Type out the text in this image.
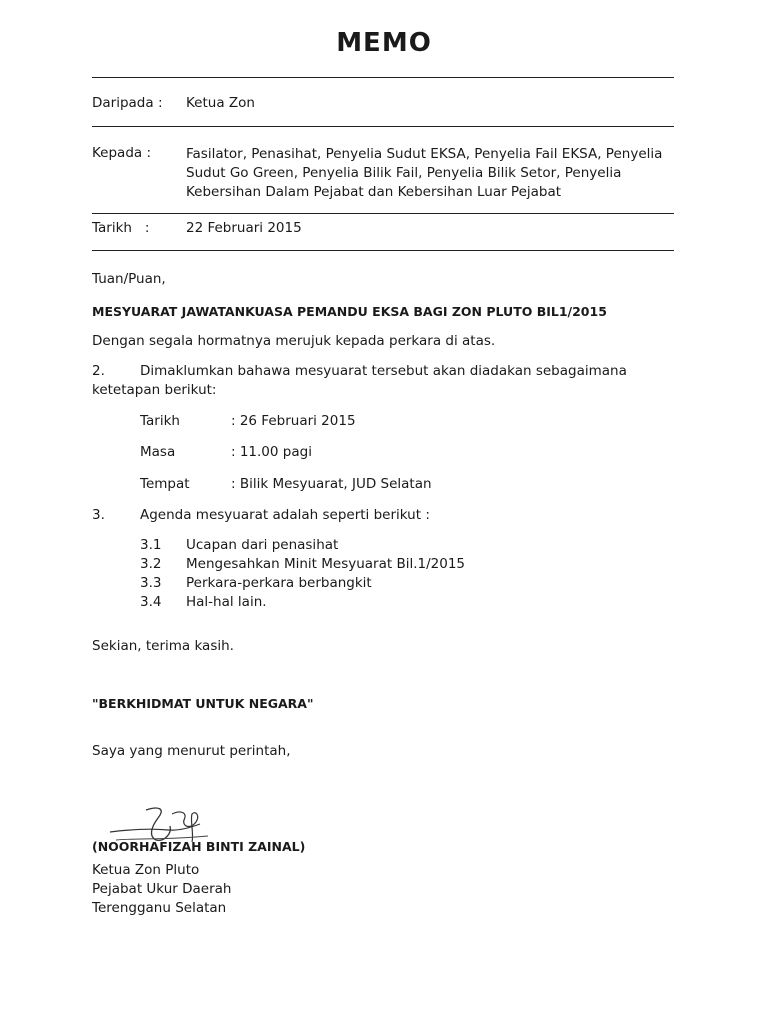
MEMO
Daripada : Ketua Zon
Kepada :	Fasilator, Penasihat, Penyelia Sudut EKSA, Penyelia Fail EKSA, Penyelia Sudut Go Green, Penyelia Bilik Fail, Penyelia Bilik Setor, Penyelia Kebersihan Dalam Pejabat dan Kebersihan Luar Pejabat
Tarikh   :	22 Februari 2015
Tuan/Puan,
MESYUARAT JAWATANKUASA PEMANDU EKSA BAGI ZON PLUTO BIL1/2015
Dengan segala hormatnya merujuk kepada perkara di atas.
2.	Dimaklumkan bahawa mesyuarat tersebut akan diadakan sebagaimana
ketetapan berikut:
Tarikh	: 26 Februari 2015
Masa	: 11.00 pagi
Tempat	: Bilik Mesyuarat, JUD Selatan
3.	Agenda mesyuarat adalah seperti berikut :
3.1 Ucapan dari penasihat
3.2 Mengesahkan Minit Mesyuarat Bil.1/2015
3.3 Perkara-perkara berbangkit
3.4 Hal-hal lain.
Sekian, terima kasih.
"BERKHIDMAT UNTUK NEGARA"
Saya yang menurut perintah,
(NOORHAFIZAH BINTI ZAINAL)
Ketua Zon Pluto
Pejabat Ukur Daerah
Terengganu Selatan
